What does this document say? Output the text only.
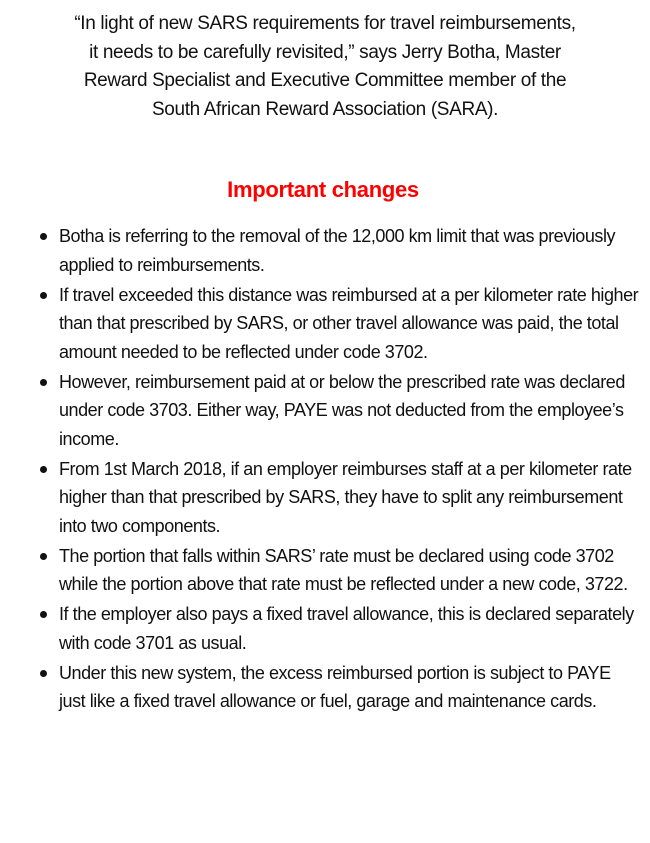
“In light of new SARS requirements for travel reimbursements,
it needs to be carefully revisited,” says Jerry Botha, Master
Reward Specialist and Executive Committee member of the
South African Reward Association (SARA).

Important changes
Botha is referring to the removal of the 12,000 km limit that was previously applied to reimbursements.
If travel exceeded this distance was reimbursed at a per kilometer rate higher than that prescribed by SARS, or other travel allowance was paid, the total amount needed to be reflected under code 3702.
However, reimbursement paid at or below the prescribed rate was declared under code 3703. Either way, PAYE was not deducted from the employee’s income.
From 1st March 2018, if an employer reimburses staff at a per kilometer rate higher than that prescribed by SARS, they have to split any reimbursement into two components.
The portion that falls within SARS’ rate must be declared using code 3702 while the portion above that rate must be reflected under a new code, 3722.
If the employer also pays a fixed travel allowance, this is declared separately with code 3701 as usual.
Under this new system, the excess reimbursed portion is subject to PAYE just like a fixed travel allowance or fuel, garage and maintenance cards.
